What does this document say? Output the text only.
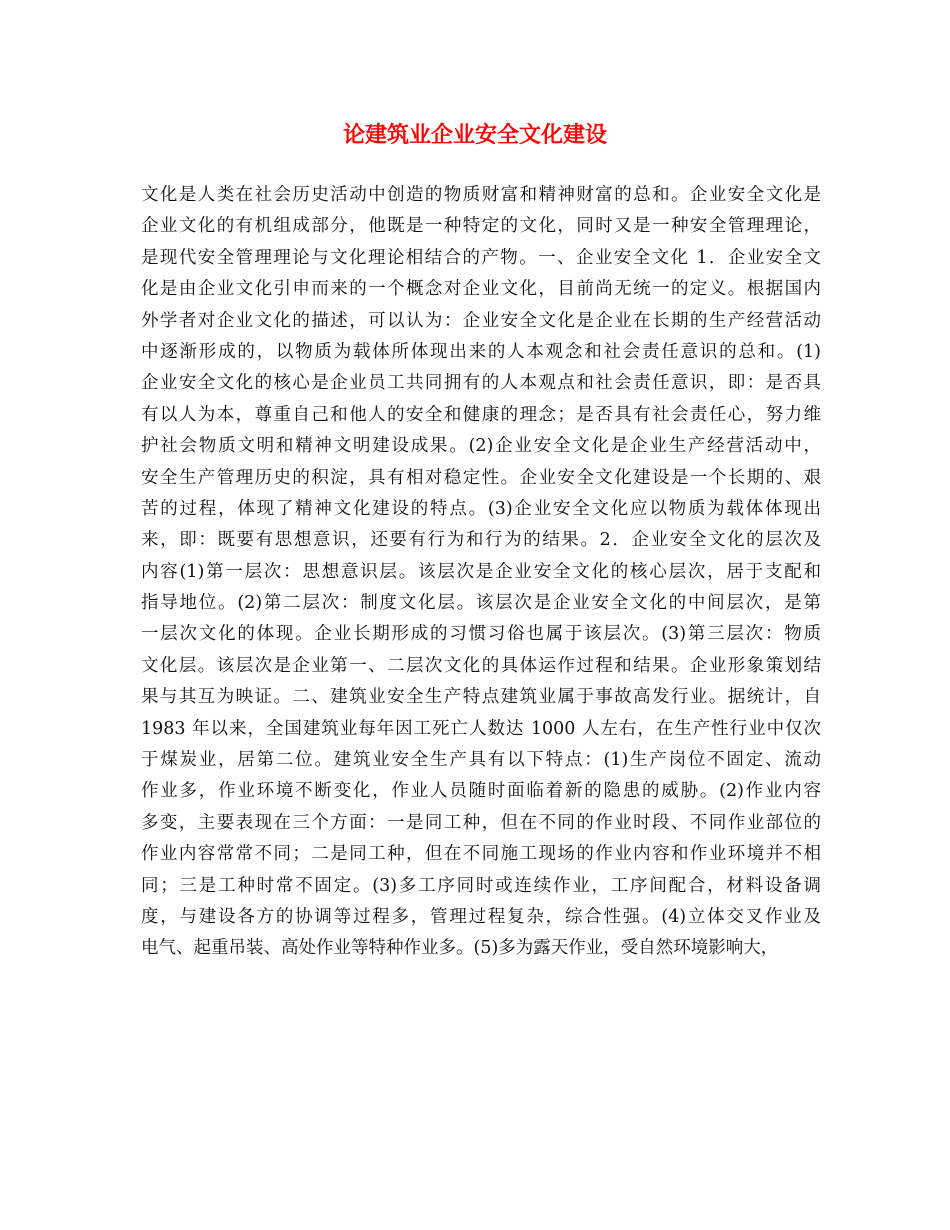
论建筑业企业安全文化建设
文化是人类在社会历史活动中创造的物质财富和精神财富的总和。企业安全文化是
企业文化的有机组成部分，他既是一种特定的文化，同时又是一种安全管理理论，
是现代安全管理理论与文化理论相结合的产物。一、企业安全文化 1．企业安全文
化是由企业文化引申而来的一个概念对企业文化，目前尚无统一的定义。根据国内
外学者对企业文化的描述，可以认为：企业安全文化是企业在长期的生产经营活动
中逐渐形成的，以物质为载体所体现出来的人本观念和社会责任意识的总和。(1)
企业安全文化的核心是企业员工共同拥有的人本观点和社会责任意识，即：是否具
有以人为本，尊重自己和他人的安全和健康的理念；是否具有社会责任心，努力维
护社会物质文明和精神文明建设成果。(2)企业安全文化是企业生产经营活动中，
安全生产管理历史的积淀，具有相对稳定性。企业安全文化建设是一个长期的、艰
苦的过程，体现了精神文化建设的特点。(3)企业安全文化应以物质为载体体现出
来，即：既要有思想意识，还要有行为和行为的结果。2．企业安全文化的层次及
内容(1)第一层次：思想意识层。该层次是企业安全文化的核心层次，居于支配和
指导地位。(2)第二层次：制度文化层。该层次是企业安全文化的中间层次，是第
一层次文化的体现。企业长期形成的习惯习俗也属于该层次。(3)第三层次：物质
文化层。该层次是企业第一、二层次文化的具体运作过程和结果。企业形象策划结
果与其互为映证。二、建筑业安全生产特点建筑业属于事故高发行业。据统计，自
1983 年以来，全国建筑业每年因工死亡人数达 1000 人左右，在生产性行业中仅次
于煤炭业，居第二位。建筑业安全生产具有以下特点：(1)生产岗位不固定、流动
作业多，作业环境不断变化，作业人员随时面临着新的隐患的威胁。(2)作业内容
多变，主要表现在三个方面：一是同工种，但在不同的作业时段、不同作业部位的
作业内容常常不同；二是同工种，但在不同施工现场的作业内容和作业环境并不相
同；三是工种时常不固定。(3)多工序同时或连续作业，工序间配合，材料设备调
度，与建设各方的协调等过程多，管理过程复杂，综合性强。(4)立体交叉作业及
电气、起重吊装、高处作业等特种作业多。(5)多为露天作业，受自然环境影响大，
